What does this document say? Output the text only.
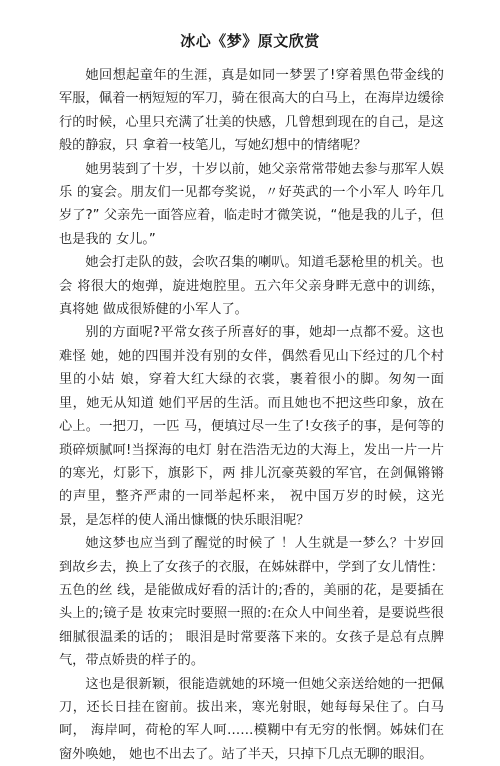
冰心《梦》原文欣赏

她回想起童年的生涯，真是如同一梦罢了!穿着黑色带金线的军服，佩着一柄短短的军刀，骑在很高大的白马上，在海岸边缓徐行的时候，心里只充满了壮美的快感，几曾想到现在的自己，是这般的静寂，只 拿着一枝笔儿，写她幻想中的情绪呢？

她男装到了十岁，十岁以前，她父亲常常带她去参与那军人娱乐 的宴会。朋友们一见都夸奖说，〃好英武的一个小军人 吟年几岁了?” 父亲先一面答应着，临走时才微笑说，“他是我的儿子，但也是我的 女儿。”

她会打走队的鼓，会吹召集的喇叭。知道毛瑟枪里的机关。也会 将很大的炮弹，旋进炮腔里。五六年父亲身畔无意中的训练，真将她 做成很矫健的小军人了。

别的方面呢?平常女孩子所喜好的事，她却一点都不爱。这也难怪 她，她的四围并没有别的女伴，偶然看见山下经过的几个村里的小姑 娘，穿着大红大绿的衣裳，裹着很小的脚。匆匆一面里，她无从知道 她们平居的生活。而且她也不把这些印象，放在心上。一把刀，一匹 马，便填过尽一生了!女孩子的事，是何等的琐碎烦腻呵!当探海的电灯 射在浩浩无边的大海上，发出一片一片的寒光，灯影下，旗影下，两 排儿沉豪英毅的军官，在剑佩锵锵的声里，整齐严肃的一同举起杯来， 祝中国万岁的时候，这光景，是怎样的使人涌出慷慨的快乐眼泪呢？

她这梦也应当到了醒觉的时候了 ！人生就是一梦么？十岁回到故乡去，换上了女孩子的衣服，在姊妹群中，学到了女儿情性：五色的丝 线，是能做成好看的活计的;香的，美丽的花，是要插在头上的;镜子是 妆束完时要照一照的:在众人中间坐着，是要说些很细腻很温柔的话的； 眼泪是时常要落下来的。女孩子是总有点脾气，带点娇贵的样子的。

这也是很新颖，很能造就她的环境一但她父亲送给她的一把佩 刀，还长日挂在窗前。拔出来，寒光射眼，她每每呆住了。白马呵， 海岸呵，荷枪的军人呵……模糊中有无穷的怅惘。姊妹们在窗外唤她， 她也不出去了。站了半天，只掉下几点无聊的眼泪。
